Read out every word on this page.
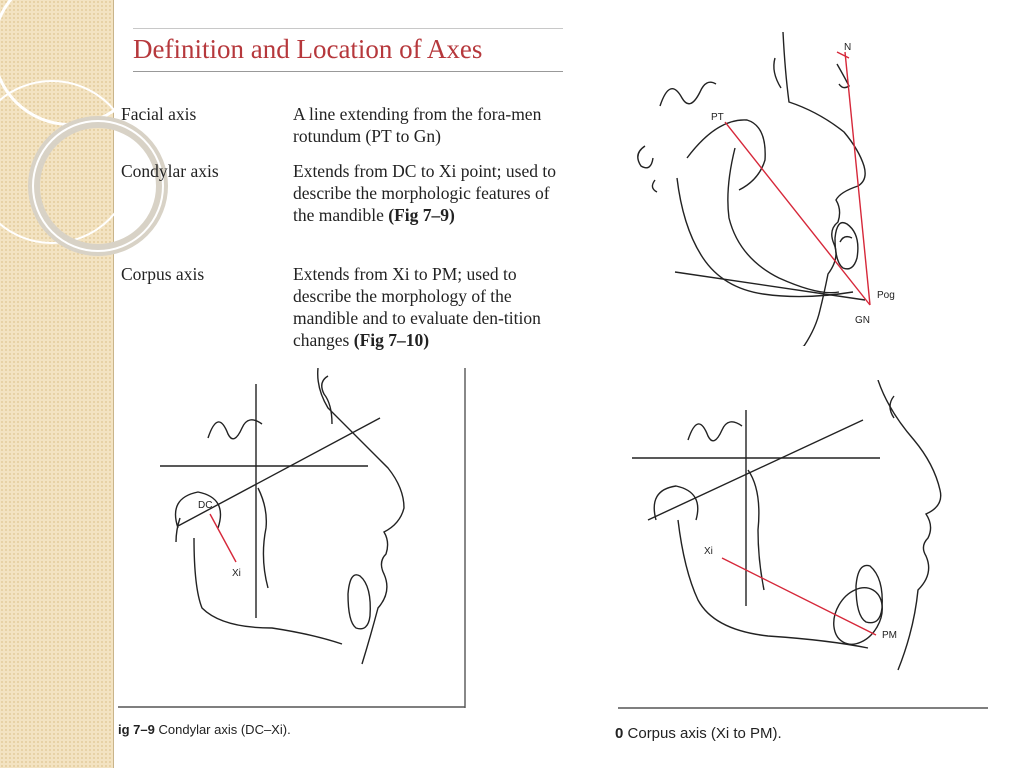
Definition and Location of Axes
Facial axis	A line extending from the fora-men rotundum (PT to Gn)
Condylar axis	Extends from DC to Xi point; used to describe the morphologic features of the mandible (Fig 7–9)
Corpus axis	Extends from Xi to PM; used to describe the morphology of the mandible and to evaluate den-tition changes (Fig 7–10)
N
PT
Pog
GN
DC
Xi
ig 7–9 Condylar axis (DC–Xi).
Xi
PM
0 Corpus axis (Xi to PM).
